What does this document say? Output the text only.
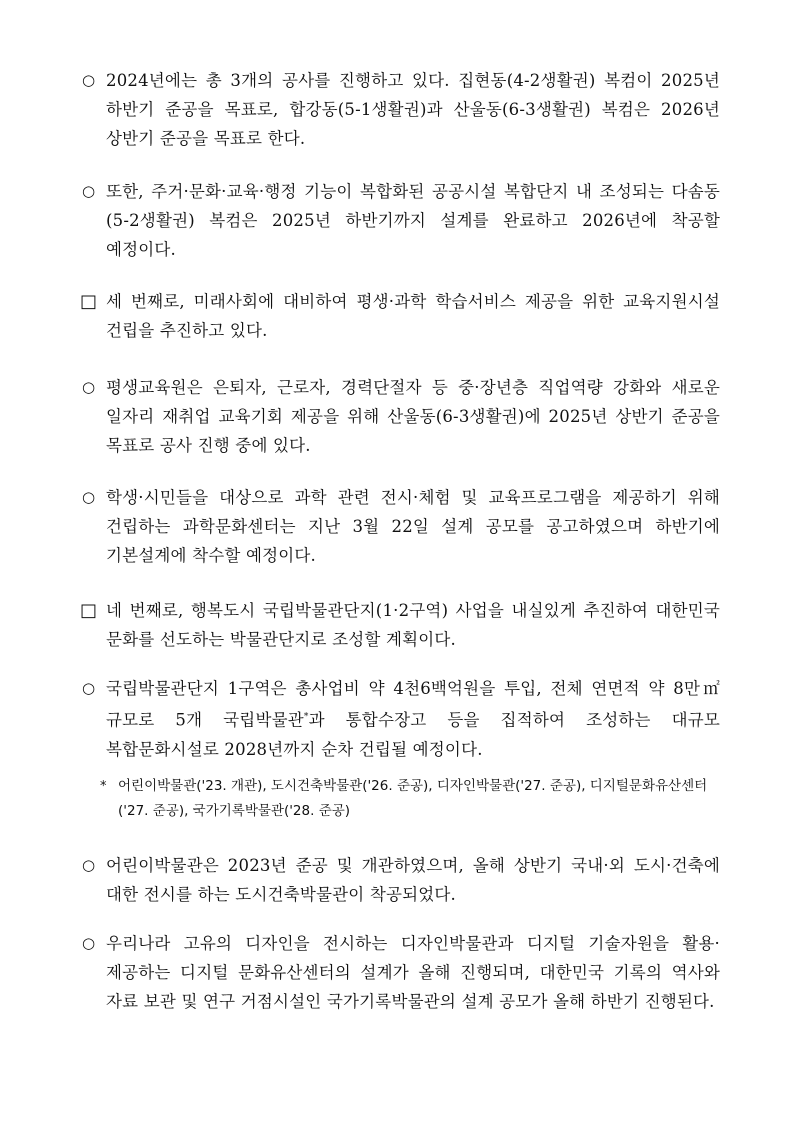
○ 2024년에는 총 3개의 공사를 진행하고 있다. 집현동(4-2생활권) 복컴이 2025년 하반기 준공을 목표로, 합강동(5-1생활권)과 산울동(6-3생활권) 복컴은 2026년 상반기 준공을 목표로 한다.
○ 또한, 주거·문화·교육·행정 기능이 복합화된 공공시설 복합단지 내 조성되는 다솜동(5-2생활권) 복컴은 2025년 하반기까지 설계를 완료하고 2026년에 착공할 예정이다.
□ 세 번째로, 미래사회에 대비하여 평생·과학 학습서비스 제공을 위한 교육지원시설 건립을 추진하고 있다.
○ 평생교육원은 은퇴자, 근로자, 경력단절자 등 중·장년층 직업역량 강화와 새로운 일자리 재취업 교육기회 제공을 위해 산울동(6-3생활권)에 2025년 상반기 준공을 목표로 공사 진행 중에 있다.
○ 학생·시민들을 대상으로 과학 관련 전시·체험 및 교육프로그램을 제공하기 위해 건립하는 과학문화센터는 지난 3월 22일 설계 공모를 공고하였으며 하반기에 기본설계에 착수할 예정이다.
□ 네 번째로, 행복도시 국립박물관단지(1·2구역) 사업을 내실있게 추진하여 대한민국 문화를 선도하는 박물관단지로 조성할 계획이다.
○ 국립박물관단지 1구역은 총사업비 약 4천6백억원을 투입, 전체 연면적 약 8만㎡ 규모로 5개 국립박물관*과 통합수장고 등을 집적하여 조성하는 대규모 복합문화시설로 2028년까지 순차 건립될 예정이다.
* 어린이박물관('23. 개관), 도시건축박물관('26. 준공), 디자인박물관('27. 준공), 디지털문화유산센터('27. 준공), 국가기록박물관('28. 준공)
○ 어린이박물관은 2023년 준공 및 개관하였으며, 올해 상반기 국내·외 도시·건축에 대한 전시를 하는 도시건축박물관이 착공되었다.
○ 우리나라 고유의 디자인을 전시하는 디자인박물관과 디지털 기술자원을 활용·제공하는 디지털 문화유산센터의 설계가 올해 진행되며, 대한민국 기록의 역사와 자료 보관 및 연구 거점시설인 국가기록박물관의 설계 공모가 올해 하반기 진행된다.
